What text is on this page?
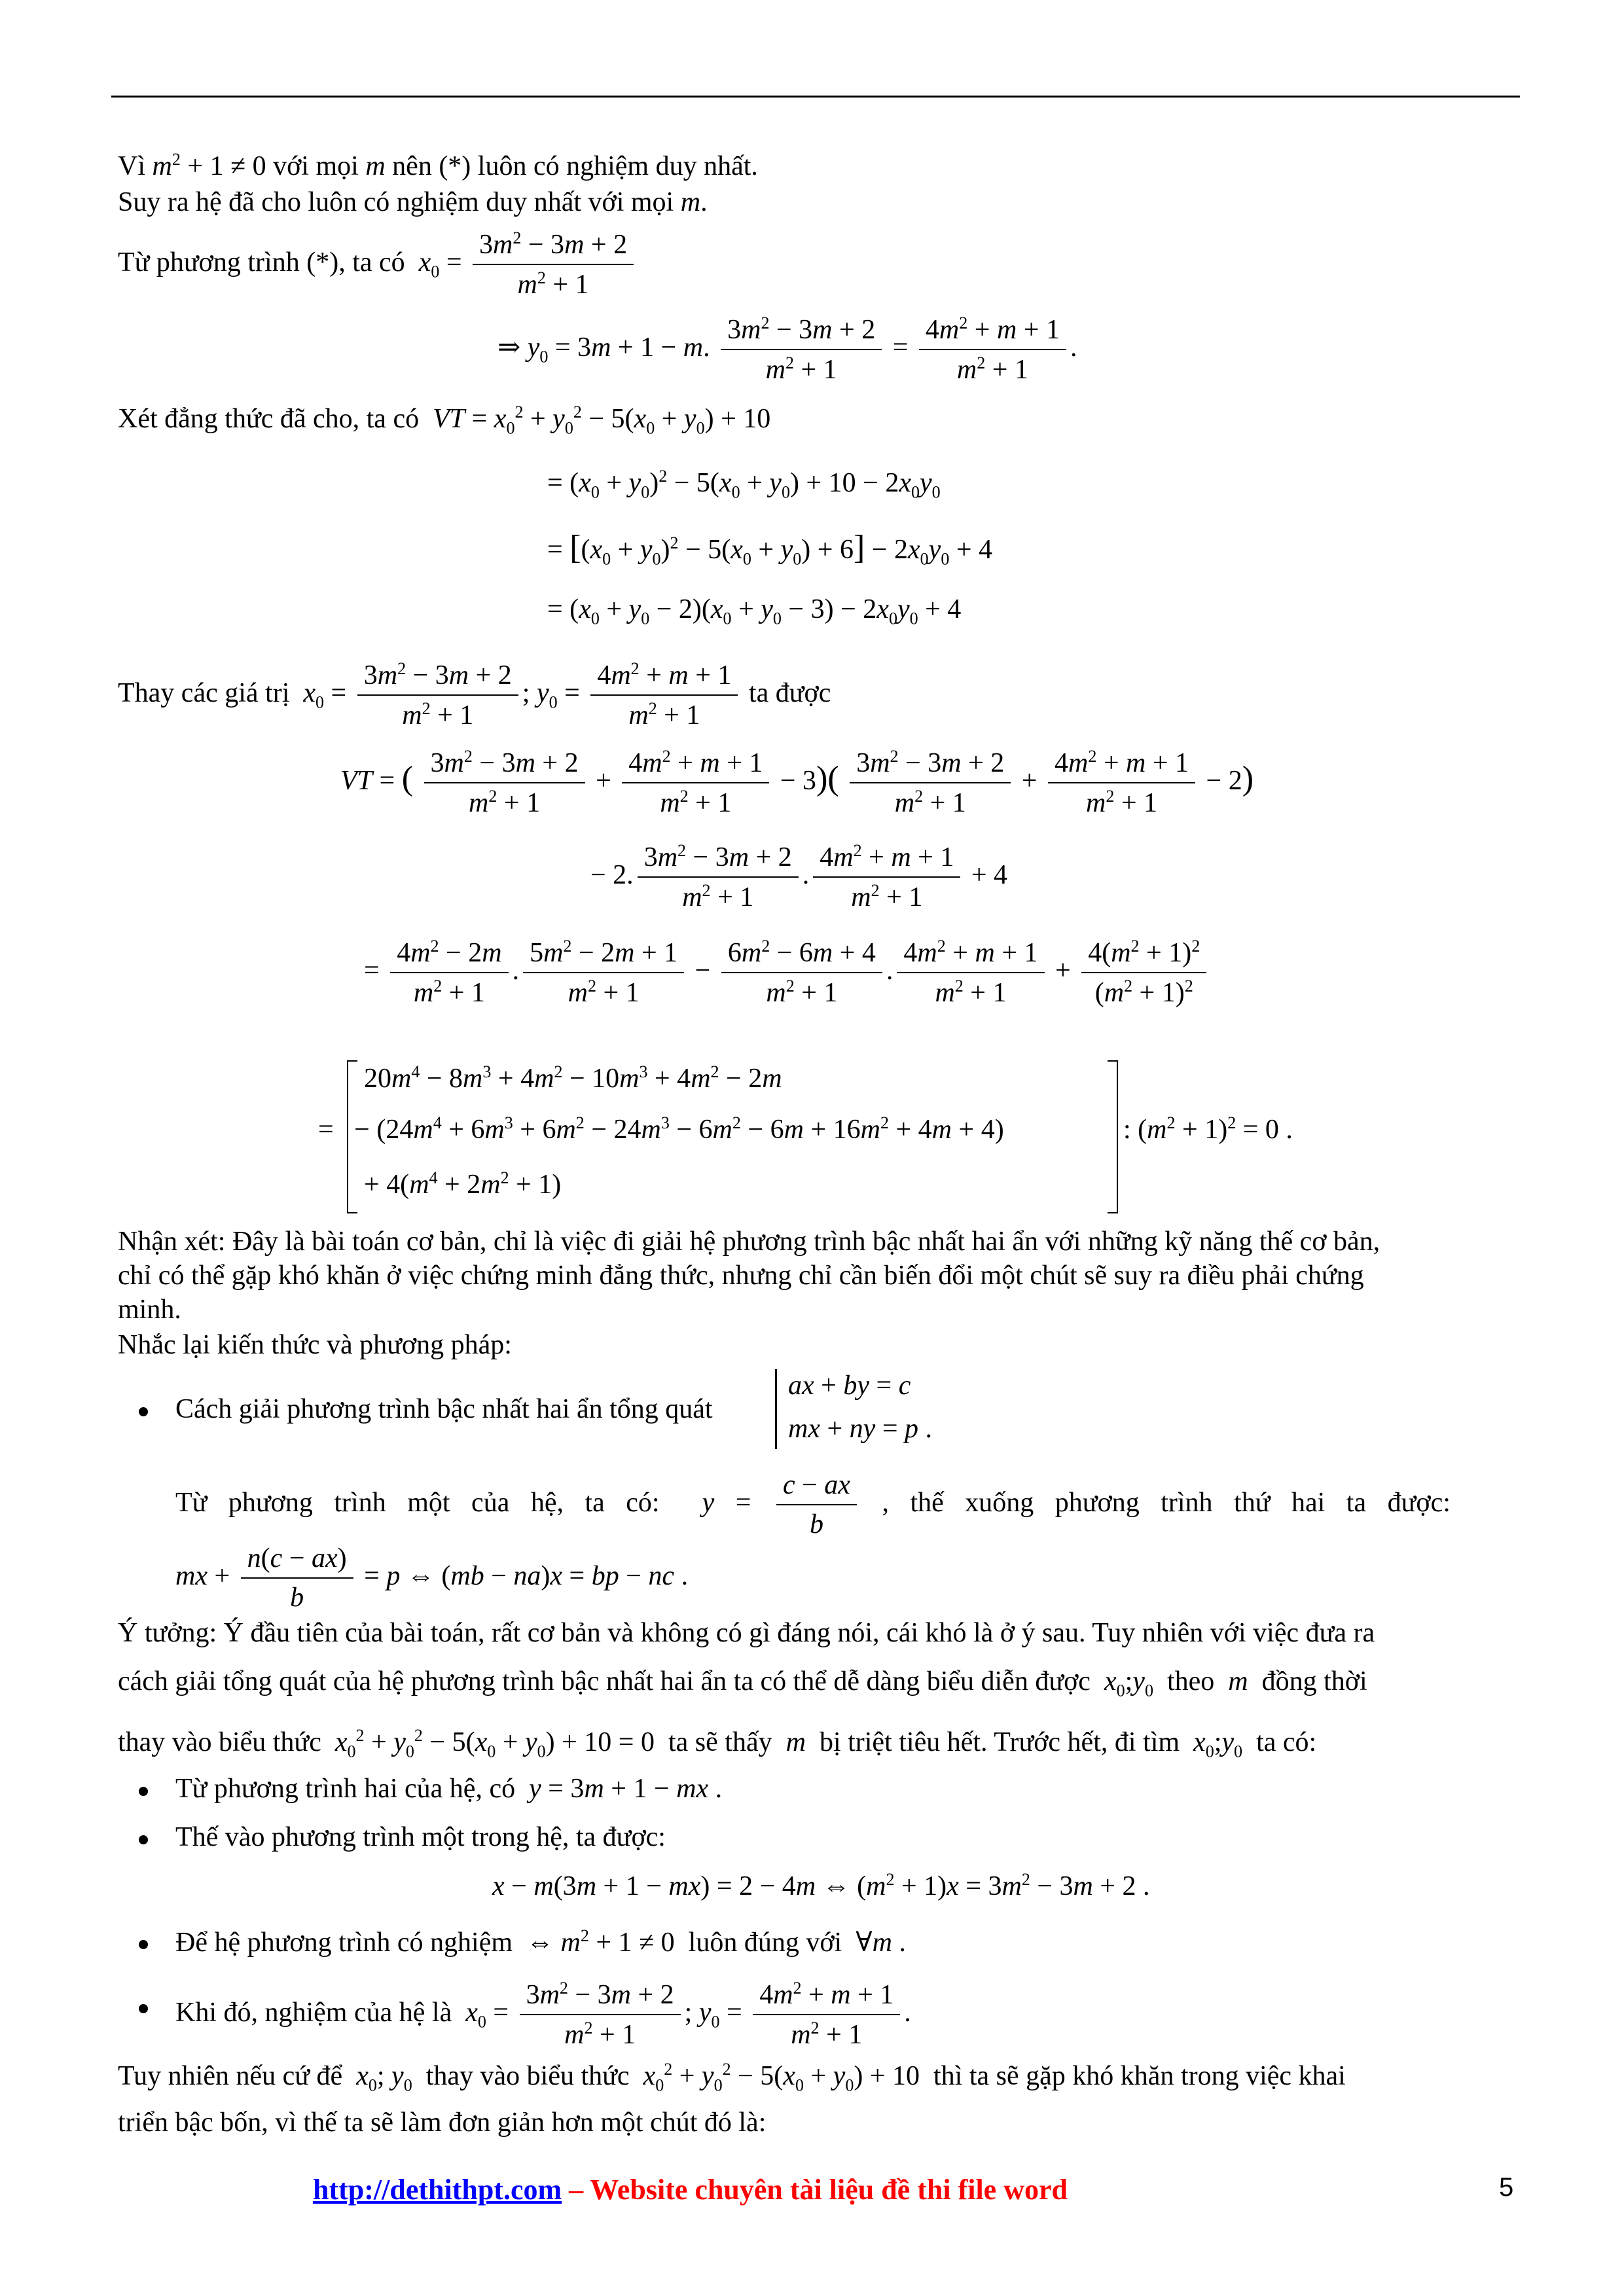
Vì $m^2 + 1 \ne 0$ với mọi m nên (*) luôn có nghiệm duy nhất.
Suy ra hệ đã cho luôn có nghiệm duy nhất với mọi m.
Từ phương trình (*), ta có  $x_0 = \frac{3m^2 - 3m + 2}{m^2 + 1}$
⇒ $y_0 = 3m + 1 - m$. $\frac{3m^2 - 3m + 2}{m^2 + 1} = \frac{4m^2 + m + 1}{m^2 + 1}$ .
Xét đẳng thức đã cho, ta có  VT = $x_0^2 + y_0^2 - 5(x_0 + y_0) + 10$
= $(x_0 + y_0)^2 - 5(x_0 + y_0) + 10 - 2x_0y_0$
= $[(x_0 + y_0)^2 - 5(x_0 + y_0) + 6] - 2x_0y_0 + 4$
= $(x_0 + y_0 - 2)(x_0 + y_0 - 3) - 2x_0y_0 + 4$
Thay các giá trị  $x_0 = \frac{3m^2 - 3m + 2}{m^2 + 1}$ ; $y_0 = \frac{4m^2 + m + 1}{m^2 + 1}$ ta được
VT = ( $\frac{3m^2 - 3m + 2}{m^2 + 1} + \frac{4m^2 + m + 1}{m^2 + 1} - 3)( \frac{3m^2 - 3m + 2}{m^2 + 1} + \frac{4m^2 + m + 1}{m^2 + 1} - 2)$
− 2. $\frac{3m^2 - 3m + 2}{m^2 + 1}$ . $\frac{4m^2 + m + 1}{m^2 + 1} + 4$
= $\frac{4m^2 - 2m}{m^2 + 1}$ . $\frac{5m^2 - 2m + 1}{m^2 + 1} - \frac{6m^2 - 6m + 4}{m^2 + 1}$ . $\frac{4m^2 + m + 1}{m^2 + 1} + \frac{4(m^2 + 1)^2}{(m^2 + 1)^2}$
$20m^4 - 8m^3 + 4m^2 - 10m^3 + 4m^2 - 2m$
=   − $(24m^4 + 6m^3 + 6m^2 - 24m^3 - 6m^2 - 6m + 16m^2 + 4m + 4)$	: $(m^2 + 1)^2 = 0$ .
+ $4(m^4 + 2m^2 + 1)$
Nhận xét: Đây là bài toán cơ bản, chỉ là việc đi giải hệ phương trình bậc nhất hai ẩn với những kỹ năng thế cơ bản,
chỉ có thể gặp khó khăn ở việc chứng minh đẳng thức, nhưng chỉ cần biến đổi một chút sẽ suy ra điều phải chứng
minh.
Nhắc lại kiến thức và phương pháp:
Cách giải phương trình bậc nhất hai ẩn tổng quát
ax + by = c
mx + ny = p .
Từ phương trình một của hệ, ta có:  $y = \frac{c - ax}{b}$ , thế xuống phương trình thứ hai ta được:
mx + $\frac{n(c - ax)}{b} = p$ ⇔ (mb − na)x = bp − nc .
Ý tưởng: Ý đầu tiên của bài toán, rất cơ bản và không có gì đáng nói, cái khó là ở ý sau. Tuy nhiên với việc đưa ra
cách giải tổng quát của hệ phương trình bậc nhất hai ẩn ta có thể dễ dàng biểu diễn được  $x_0;y_0$ theo  m  đồng thời
thay vào biểu thức  $x_0^2 + y_0^2 - 5(x_0 + y_0) + 10 = 0$  ta sẽ thấy  m  bị triệt tiêu hết. Trước hết, đi tìm  $x_0;y_0$ ta có:
Từ phương trình hai của hệ, có  y = 3m + 1 − mx .
Thế vào phương trình một trong hệ, ta được:
x − m(3m + 1 − mx) = 2 − 4m ⇔ $(m^2 + 1)x = 3m^2 - 3m + 2$ .
Để hệ phương trình có nghiệm  ⇔ $m^2 + 1 \ne 0$  luôn đúng với  ∀m .
Khi đó, nghiệm của hệ là  $x_0 = \frac{3m^2 - 3m + 2}{m^2 + 1}$ ; $y_0 = \frac{4m^2 + m + 1}{m^2 + 1}$ .
Tuy nhiên nếu cứ để  $x_0$; $y_0$ thay vào biểu thức  $x_0^2 + y_0^2 - 5(x_0 + y_0) + 10$  thì ta sẽ gặp khó khăn trong việc khai
triển bậc bốn, vì thế ta sẽ làm đơn giản hơn một chút đó là:
http://dethithpt.com – Website chuyên tài liệu đề thi file word	5
